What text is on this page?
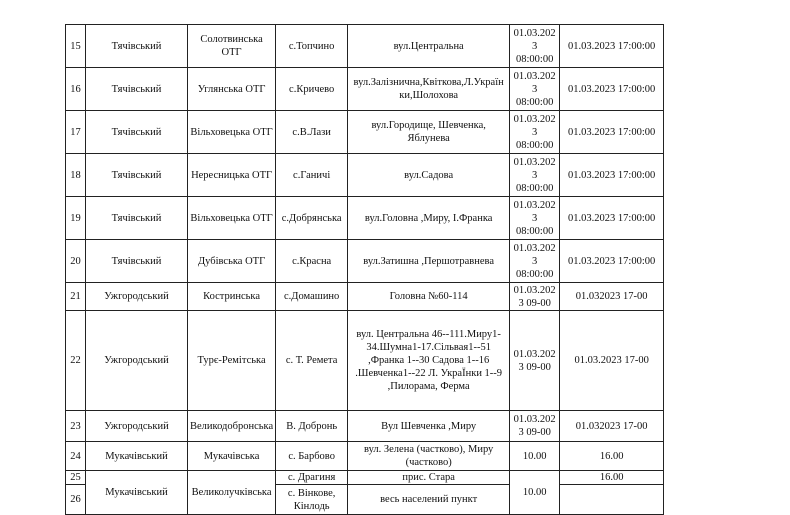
15	Тячівський	Солотвинська ОТГ	с.Топчино	вул.Центральна	01.03.202 3 08:00:00	01.03.2023 17:00:00
16	Тячівський	Углянська ОТГ	с.Кричево	вул.Залізнична,Квіткова,Л.Україн ки,Шолохова	01.03.202 3 08:00:00	01.03.2023 17:00:00
17	Тячівський	Вільховецька ОТГ	с.В.Лази	вул.Городище, Шевченка, Яблунева	01.03.202 3 08:00:00	01.03.2023 17:00:00
18	Тячівський	Нересницька ОТГ	с.Ганичі	вул.Садова	01.03.202 3 08:00:00	01.03.2023 17:00:00
19	Тячівський	Вільховецька ОТГ	с.Добрянська	вул.Головна ,Миру, І.Франка	01.03.202 3 08:00:00	01.03.2023 17:00:00
20	Тячівський	Дубівська ОТГ	с.Красна	вул.Затишна ,Першотравнева	01.03.202 3 08:00:00	01.03.2023 17:00:00
21	Ужгородський	Костринська	с.Домашино	Головна №60-114	01.03.202 3 09-00	01.032023 17-00
22	Ужгородський	Турє-Ремітська	с. Т. Ремета	вул. Центральна 46--111.Миру1-34.Шумна1-17.Сільвая1--51 ,Франка 1--30 Садова 1--16 .Шевченка1--22 Л. УкраЇнки 1--9 ,Пилорама, Ферма	01.03.202 3 09-00	01.03.2023 17-00
23	Ужгородський	Великодобронська	В. Добронь	Вул Шевченка ,Миру	01.03.202 3 09-00	01.032023 17-00
24	Мукачівський	Мукачівська	с. Барбово	вул. Зелена (частково), Миру (частково)	10.00	16.00
25	Мукачівський	Великолучківська	с. Драгиня	прис. Стара	10.00	16.00
26			с. Вінкове, Кінлодь	весь населений пункт		
